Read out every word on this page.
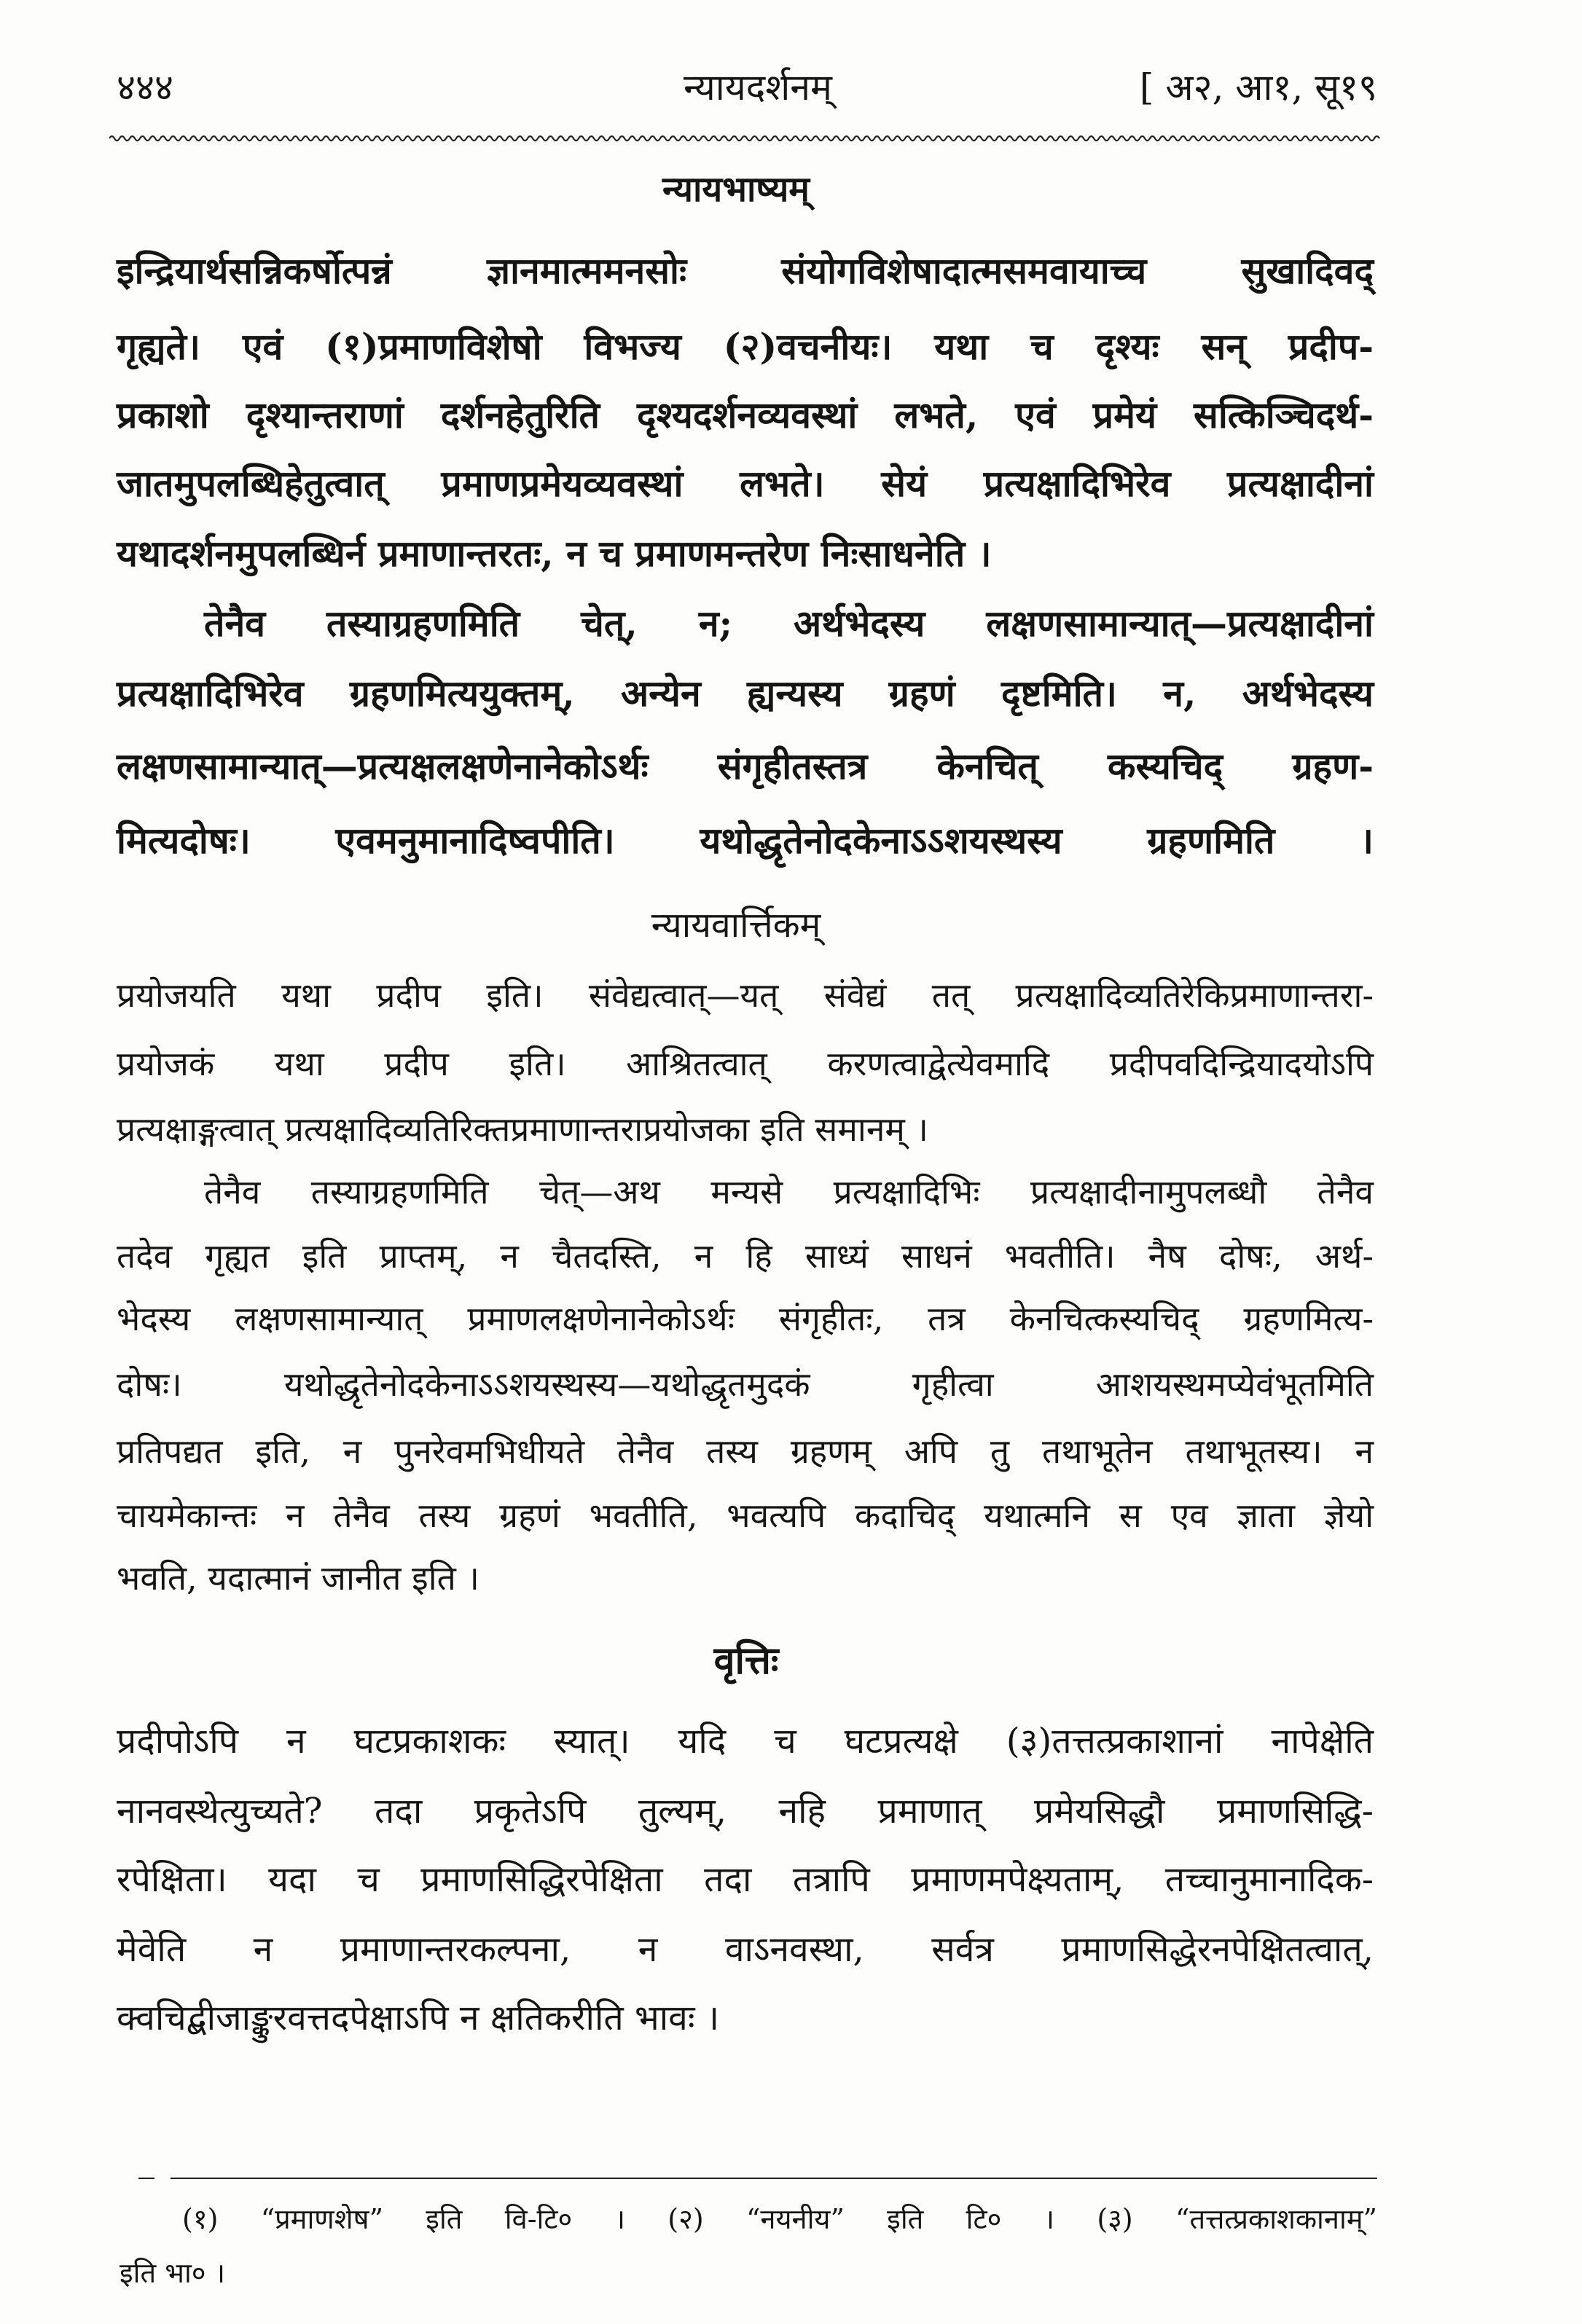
४४४	न्यायदर्शनम्	[ अ२, आ१, सू१९
न्यायभाष्यम्
इन्द्रियार्थसन्निकर्षोत्पन्नं ज्ञानमात्ममनसोः संयोगविशेषादात्मसमवायाच्च सुखादिवद्
गृह्यते। एवं (१)प्रमाणविशेषो विभज्य (२)वचनीयः। यथा च दृश्यः सन् प्रदीप-
प्रकाशो दृश्यान्तराणां दर्शनहेतुरिति दृश्यदर्शनव्यवस्थां लभते, एवं प्रमेयं सत्किञ्चिदर्थ-
जातमुपलब्धिहेतुत्वात् प्रमाणप्रमेयव्यवस्थां लभते। सेयं प्रत्यक्षादिभिरेव प्रत्यक्षादीनां
यथादर्शनमुपलब्धिर्न प्रमाणान्तरतः, न च प्रमाणमन्तरेण निःसाधनेति ।
तेनैव तस्याग्रहणमिति चेत्, न; अर्थभेदस्य लक्षणसामान्यात्—प्रत्यक्षादीनां
प्रत्यक्षादिभिरेव ग्रहणमित्ययुक्तम्, अन्येन ह्यन्यस्य ग्रहणं दृष्टमिति। न, अर्थभेदस्य
लक्षणसामान्यात्—प्रत्यक्षलक्षणेनानेकोऽर्थः संगृहीतस्तत्र केनचित् कस्यचिद् ग्रहण-
मित्यदोषः। एवमनुमानादिष्वपीति। यथोद्धृतेनोदकेनाऽऽशयस्थस्य ग्रहणमिति ।
न्यायवार्त्तिकम्
प्रयोजयति यथा प्रदीप इति। संवेद्यत्वात्—यत् संवेद्यं तत् प्रत्यक्षादिव्यतिरेकिप्रमाणान्तरा-
प्रयोजकं यथा प्रदीप इति। आश्रितत्वात् करणत्वाद्वेत्येवमादि प्रदीपवदिन्द्रियादयोऽपि
प्रत्यक्षाङ्गत्वात् प्रत्यक्षादिव्यतिरिक्तप्रमाणान्तराप्रयोजका इति समानम् ।
तेनैव तस्याग्रहणमिति चेत्—अथ मन्यसे प्रत्यक्षादिभिः प्रत्यक्षादीनामुपलब्धौ तेनैव
तदेव गृह्यत इति प्राप्तम्, न चैतदस्ति, न हि साध्यं साधनं भवतीति। नैष दोषः, अर्थ-
भेदस्य लक्षणसामान्यात् प्रमाणलक्षणेनानेकोऽर्थः संगृहीतः, तत्र केनचित्कस्यचिद् ग्रहणमित्य-
दोषः। यथोद्धृतेनोदकेनाऽऽशयस्थस्य—यथोद्धृतमुदकं गृहीत्वा आशयस्थमप्येवंभूतमिति
प्रतिपद्यत इति, न पुनरेवमभिधीयते तेनैव तस्य ग्रहणम् अपि तु तथाभूतेन तथाभूतस्य। न
चायमेकान्तः न तेनैव तस्य ग्रहणं भवतीति, भवत्यपि कदाचिद् यथात्मनि स एव ज्ञाता ज्ञेयो
भवति, यदात्मानं जानीत इति ।
वृत्तिः
प्रदीपोऽपि न घटप्रकाशकः स्यात्। यदि च घटप्रत्यक्षे (३)तत्तत्प्रकाशानां नापेक्षेति
नानवस्थेत्युच्यते? तदा प्रकृतेऽपि तुल्यम्, नहि प्रमाणात् प्रमेयसिद्धौ प्रमाणसिद्धि-
रपेक्षिता। यदा च प्रमाणसिद्धिरपेक्षिता तदा तत्रापि प्रमाणमपेक्ष्यताम्, तच्चानुमानादिक-
मेवेति न प्रमाणान्तरकल्पना, न वाऽनवस्था, सर्वत्र प्रमाणसिद्धेरनपेक्षितत्वात्,
क्वचिद्बीजाङ्कुरवत्तदपेक्षाऽपि न क्षतिकरीति भावः ।
(१) “प्रमाणशेष” इति वि-टि० । (२) “नयनीय” इति टि० । (३) “तत्तत्प्रकाशकानाम्”
इति भा० ।
